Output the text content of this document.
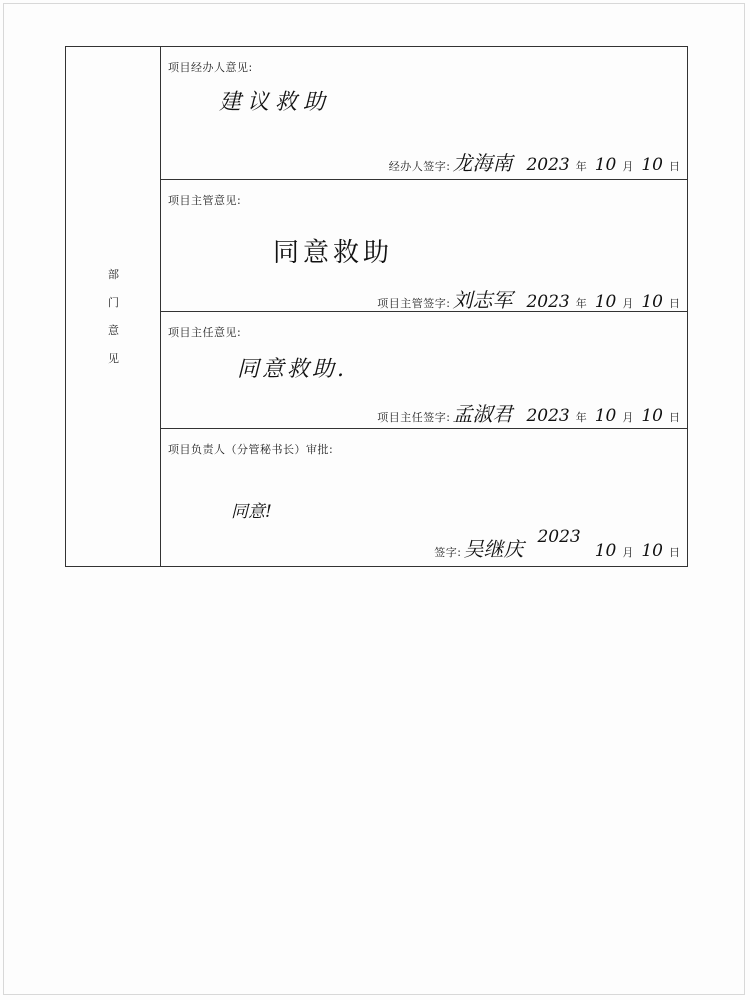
部
门
意
见
项目经办人意见:
建议救助
经办人签字: 龙海南 2023 年 10 月 10 日
项目主管意见:
同意救助
项目主管签字: 刘志军 2023 年 10 月 10 日
项目主任意见:
同意救助.
项目主任签字: 孟淑君 2023 年 10 月 10 日
项目负责人（分管秘书长）审批:
同意!
签字: 吴继庆 2023
10 月 10 日
